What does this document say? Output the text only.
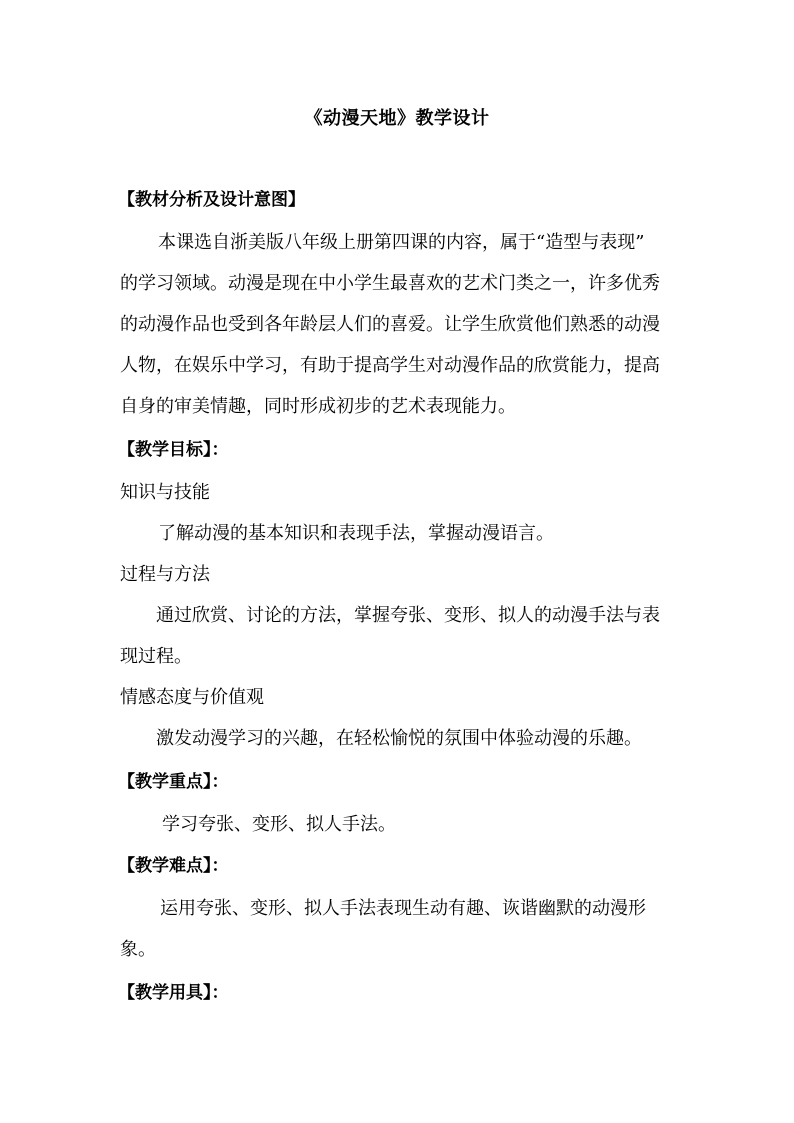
《动漫天地》教学设计
【教材分析及设计意图】
本课选自浙美版八年级上册第四课的内容，属于“造型与表现”
的学习领域。动漫是现在中小学生最喜欢的艺术门类之一，许多优秀
的动漫作品也受到各年龄层人们的喜爱。让学生欣赏他们熟悉的动漫
人物，在娱乐中学习，有助于提高学生对动漫作品的欣赏能力，提高
自身的审美情趣，同时形成初步的艺术表现能力。
【教学目标】：
知识与技能
了解动漫的基本知识和表现手法，掌握动漫语言。
过程与方法
通过欣赏、讨论的方法，掌握夸张、变形、拟人的动漫手法与表
现过程。
情感态度与价值观
激发动漫学习的兴趣，在轻松愉悦的氛围中体验动漫的乐趣。
【教学重点】：
学习夸张、变形、拟人手法。
【教学难点】：
运用夸张、变形、拟人手法表现生动有趣、诙谐幽默的动漫形
象。
【教学用具】：
